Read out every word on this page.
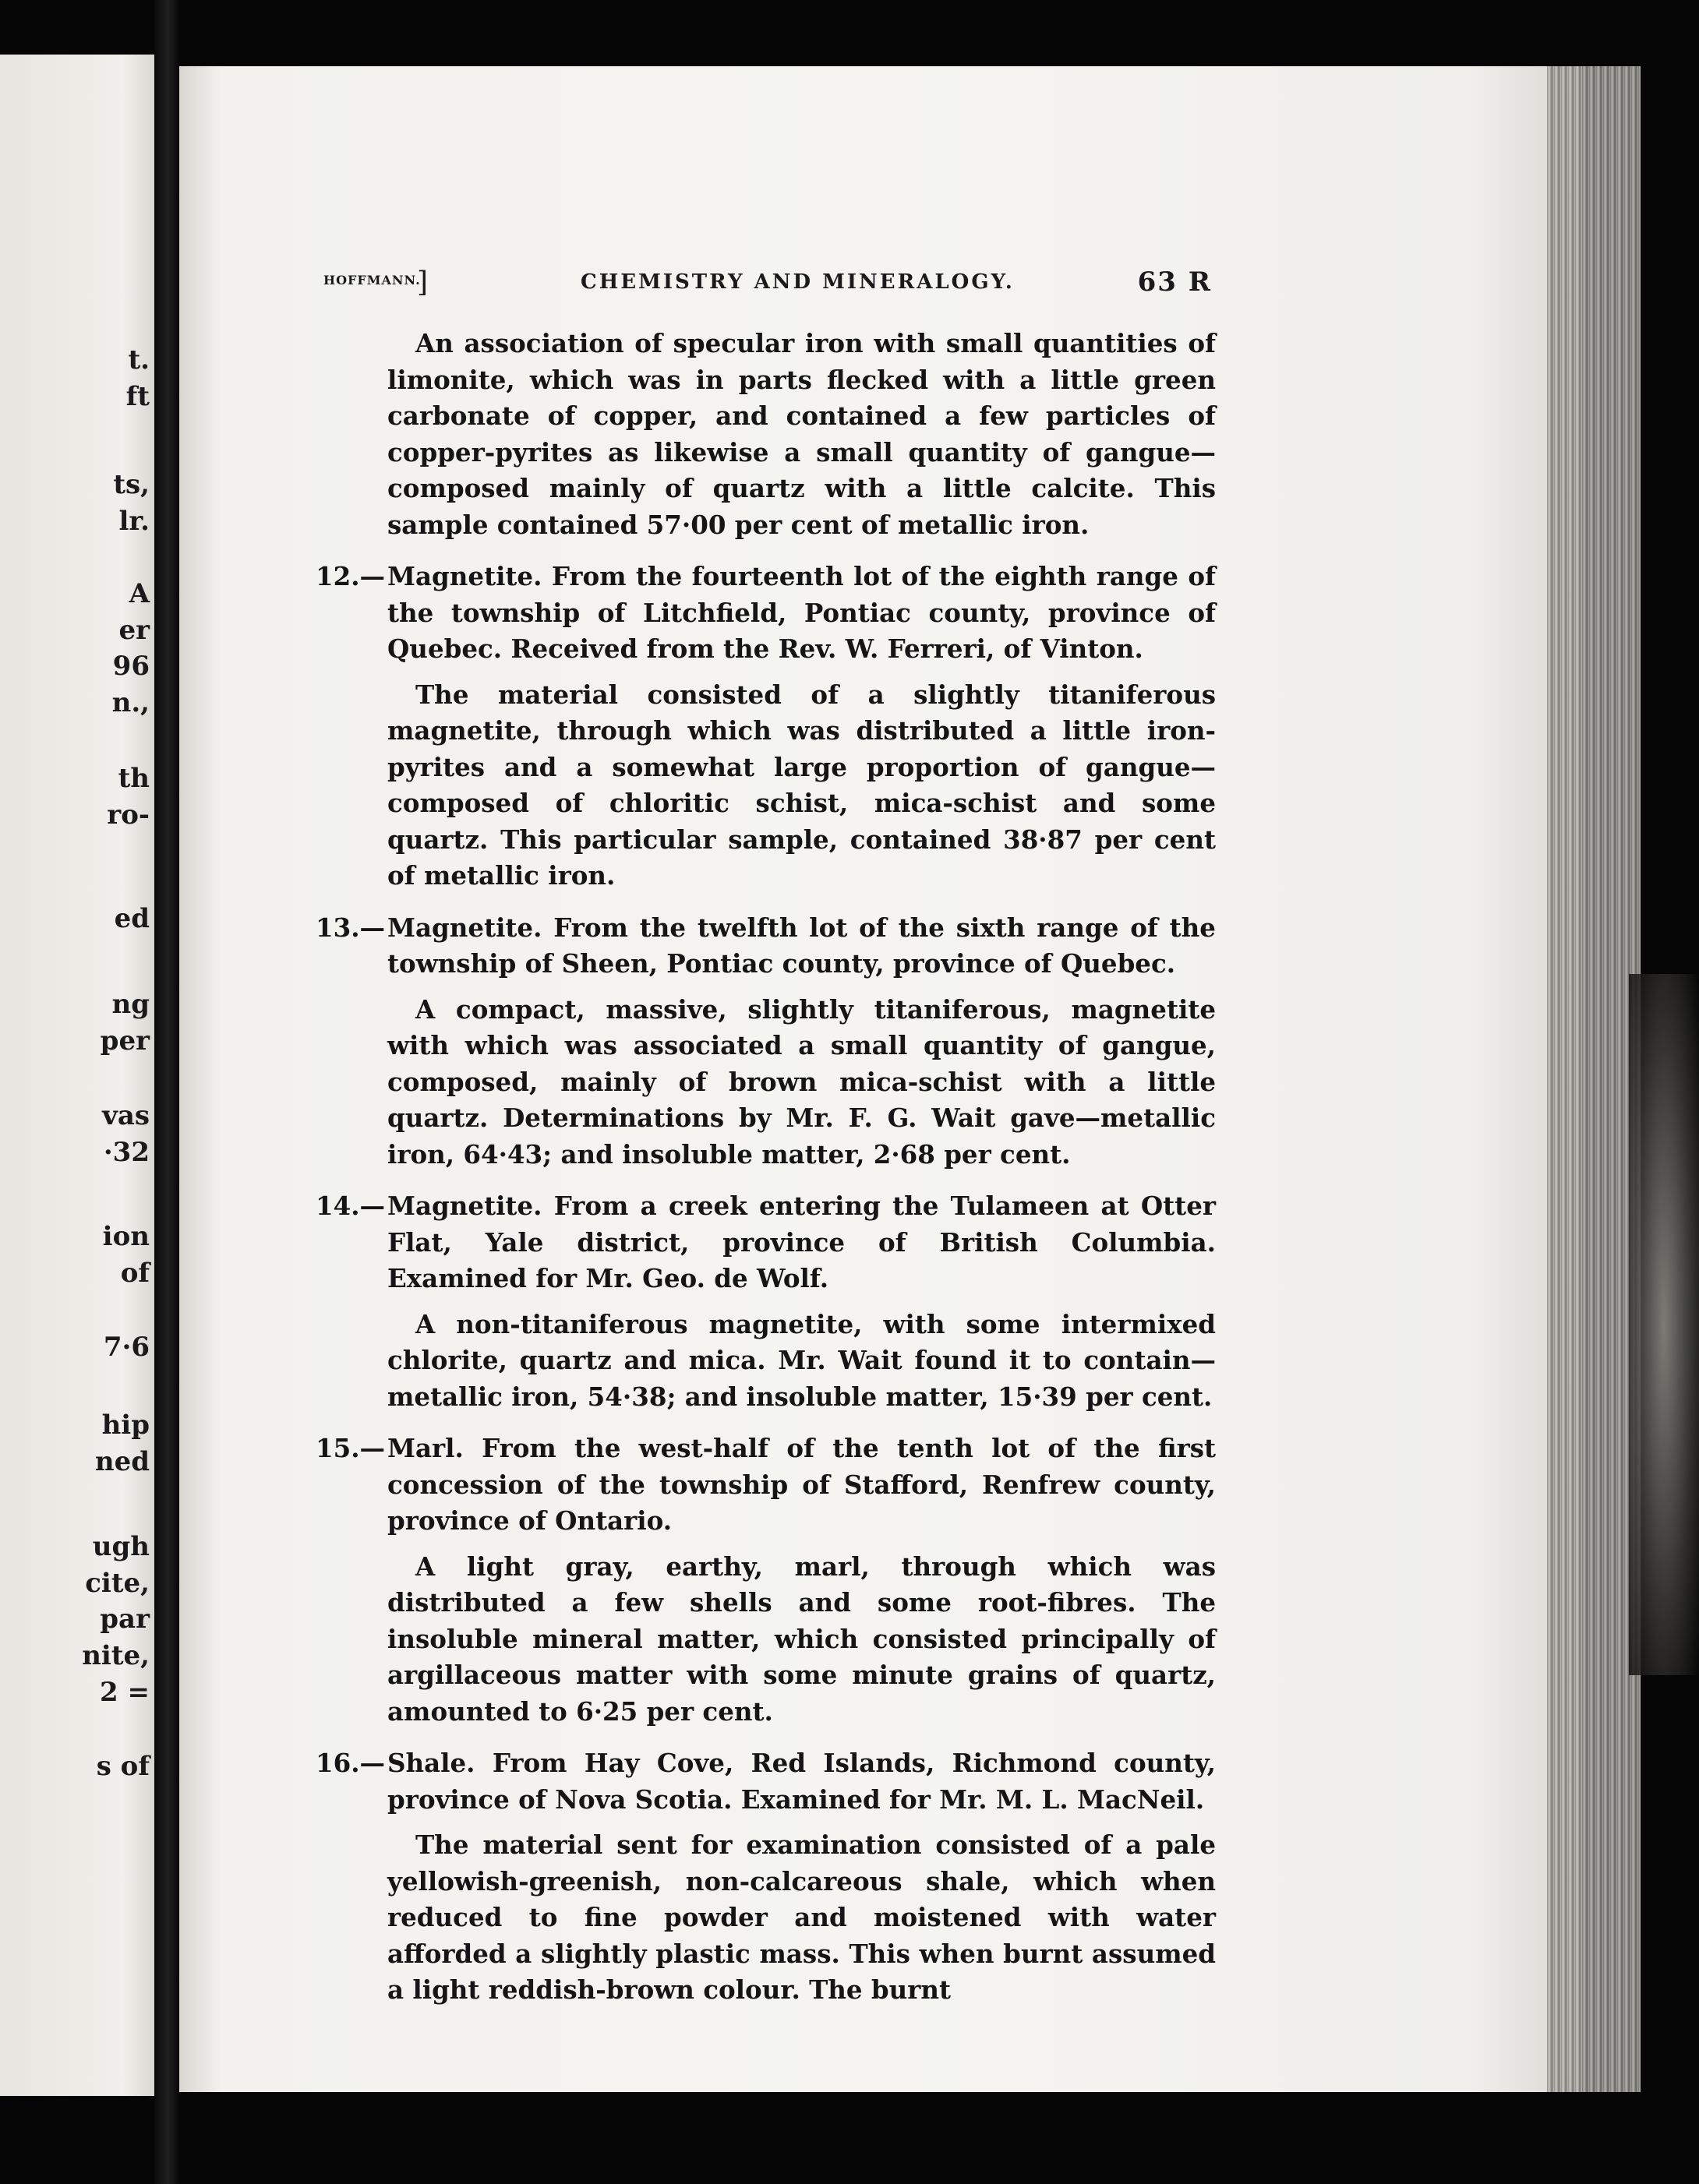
t.
ft
ts,
lr.
A
er
96
n.,
th
ro-
ed
ng
per
vas
·32
ion
of
7·6
hip
ned
ugh
cite,
par
nite,
2 =
s of
HOFFMANN.
]	CHEMISTRY AND MINERALOGY.	63 R

An association of specular iron with small quantities of limonite, which was in parts flecked with a little green carbonate of copper, and contained a few particles of copper-pyrites as likewise a small quantity of gangue—composed mainly of quartz with a little calcite. This sample contained 57·00 per cent of metallic iron.

12.— Magnetite. From the fourteenth lot of the eighth range of the township of Litchfield, Pontiac county, province of Quebec. Received from the Rev. W. Ferreri, of Vinton.

The material consisted of a slightly titaniferous magnetite, through which was distributed a little iron-pyrites and a somewhat large proportion of gangue—composed of chloritic schist, mica-schist and some quartz. This particular sample, contained 38·87 per cent of metallic iron.

13.— Magnetite. From the twelfth lot of the sixth range of the township of Sheen, Pontiac county, province of Quebec.

A compact, massive, slightly titaniferous, magnetite with which was associated a small quantity of gangue, composed, mainly of brown mica-schist with a little quartz. Determinations by Mr. F. G. Wait gave—metallic iron, 64·43; and insoluble matter, 2·68 per cent.

14.— Magnetite. From a creek entering the Tulameen at Otter Flat, Yale district, province of British Columbia. Examined for Mr. Geo. de Wolf.

A non-titaniferous magnetite, with some intermixed chlorite, quartz and mica. Mr. Wait found it to contain—metallic iron, 54·38; and insoluble matter, 15·39 per cent.

15.— Marl. From the west-half of the tenth lot of the first concession of the township of Stafford, Renfrew county, province of Ontario.

A light gray, earthy, marl, through which was distributed a few shells and some root-fibres. The insoluble mineral matter, which consisted principally of argillaceous matter with some minute grains of quartz, amounted to 6·25 per cent.

16.— Shale. From Hay Cove, Red Islands, Richmond county, province of Nova Scotia. Examined for Mr. M. L. MacNeil.

The material sent for examination consisted of a pale yellowish-greenish, non-calcareous shale, which when reduced to fine powder and moistened with water afforded a slightly plastic mass. This when burnt assumed a light reddish-brown colour. The burnt
